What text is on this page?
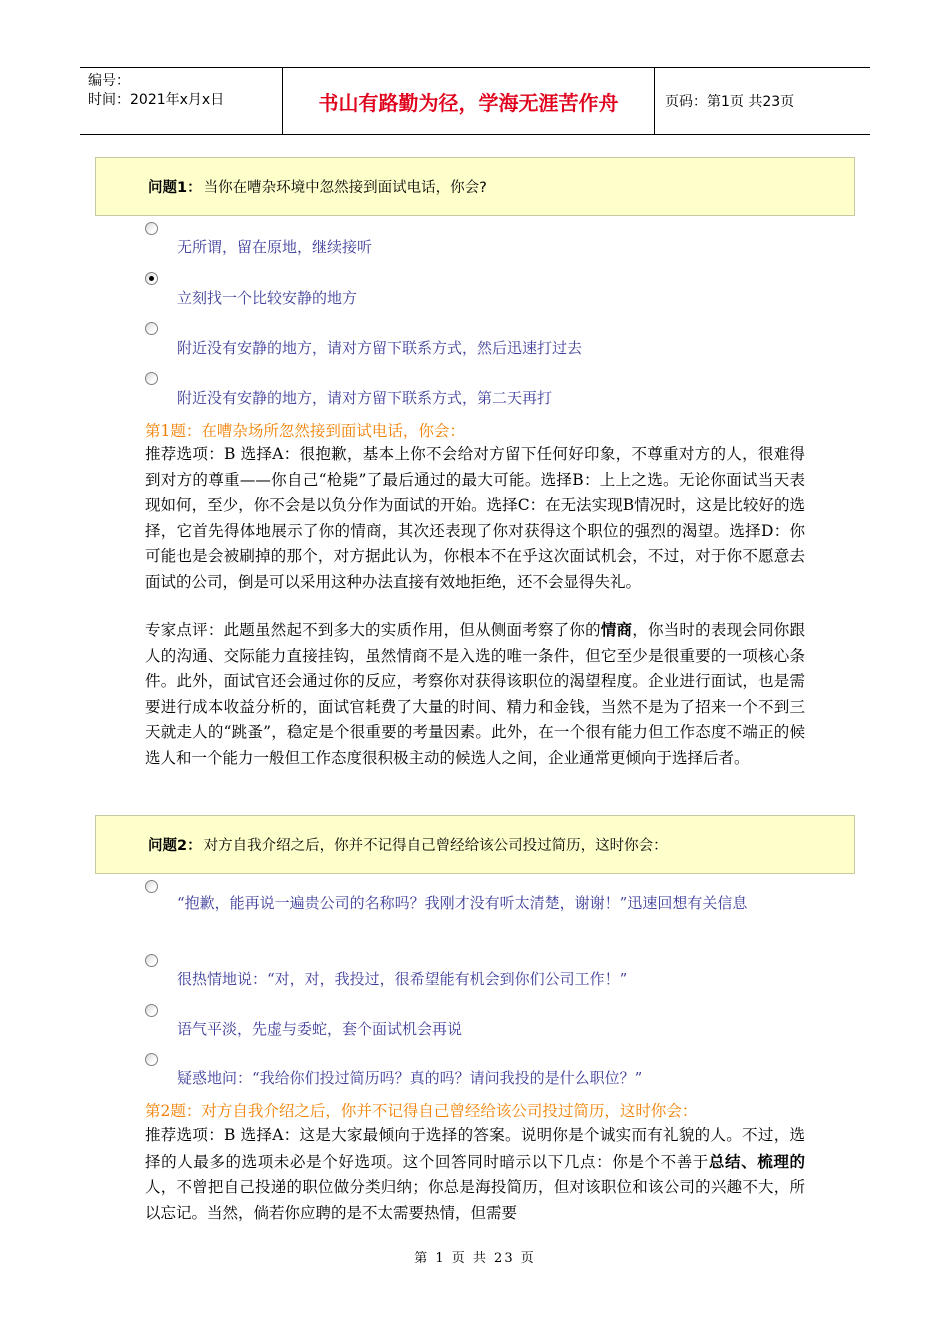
编号：
时间：2021年x月x日	书山有路勤为径，学海无涯苦作舟	页码：第1页 共23页
问题1： 当你在嘈杂环境中忽然接到面试电话，你会?
无所谓，留在原地，继续接听
立刻找一个比较安静的地方
附近没有安静的地方，请对方留下联系方式，然后迅速打过去
附近没有安静的地方，请对方留下联系方式，第二天再打
第1题：在嘈杂场所忽然接到面试电话，你会：
推荐选项：B 选择A：很抱歉，基本上你不会给对方留下任何好印象，不尊重对方的人，很难得到对方的尊重——你自己“枪毙”了最后通过的最大可能。选择B：上上之选。无论你面试当天表现如何，至少，你不会是以负分作为面试的开始。选择C：在无法实现B情况时，这是比较好的选择，它首先得体地展示了你的情商，其次还表现了你对获得这个职位的强烈的渴望。选择D：你可能也是会被刷掉的那个，对方据此认为，你根本不在乎这次面试机会，不过，对于你不愿意去面试的公司，倒是可以采用这种办法直接有效地拒绝，还不会显得失礼。
专家点评：此题虽然起不到多大的实质作用，但从侧面考察了你的情商，你当时的表现会同你跟人的沟通、交际能力直接挂钩，虽然情商不是入选的唯一条件，但它至少是很重要的一项核心条件。此外，面试官还会通过你的反应，考察你对获得该职位的渴望程度。企业进行面试，也是需要进行成本收益分析的，面试官耗费了大量的时间、精力和金钱，当然不是为了招来一个不到三天就走人的“跳蚤”，稳定是个很重要的考量因素。此外，在一个很有能力但工作态度不端正的候选人和一个能力一般但工作态度很积极主动的候选人之间，企业通常更倾向于选择后者。
问题2： 对方自我介绍之后，你并不记得自己曾经给该公司投过简历，这时你会：
“抱歉，能再说一遍贵公司的名称吗？我刚才没有听太清楚，谢谢！”迅速回想有关信息
很热情地说：“对，对，我投过，很希望能有机会到你们公司工作！”
语气平淡，先虚与委蛇，套个面试机会再说
疑惑地问：“我给你们投过简历吗？真的吗？请问我投的是什么职位？”
第2题：对方自我介绍之后，你并不记得自己曾经给该公司投过简历，这时你会：
推荐选项：B 选择A：这是大家最倾向于选择的答案。说明你是个诚实而有礼貌的人。不过，选择的人最多的选项未必是个好选项。这个回答同时暗示以下几点：你是个不善于总结、梳理的人，不曾把自己投递的职位做分类归纳；你总是海投简历，但对该职位和该公司的兴趣不大，所以忘记。当然，倘若你应聘的是不太需要热情，但需要
第 1 页 共 23 页
